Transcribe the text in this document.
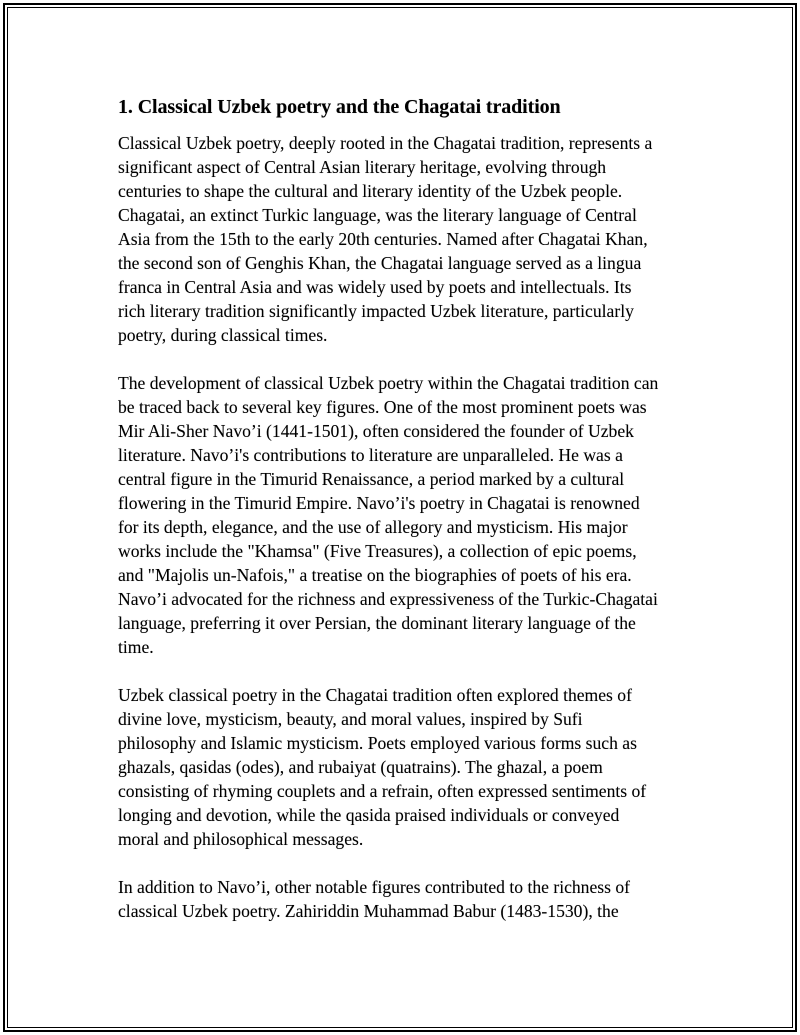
1. Classical Uzbek poetry and the Chagatai tradition

Classical Uzbek poetry, deeply rooted in the Chagatai tradition, represents a
significant aspect of Central Asian literary heritage, evolving through
centuries to shape the cultural and literary identity of the Uzbek people.
Chagatai, an extinct Turkic language, was the literary language of Central
Asia from the 15th to the early 20th centuries. Named after Chagatai Khan,
the second son of Genghis Khan, the Chagatai language served as a lingua
franca in Central Asia and was widely used by poets and intellectuals. Its
rich literary tradition significantly impacted Uzbek literature, particularly
poetry, during classical times.

The development of classical Uzbek poetry within the Chagatai tradition can
be traced back to several key figures. One of the most prominent poets was
Mir Ali-Sher Navo’i (1441-1501), often considered the founder of Uzbek
literature. Navo’i's contributions to literature are unparalleled. He was a
central figure in the Timurid Renaissance, a period marked by a cultural
flowering in the Timurid Empire. Navo’i's poetry in Chagatai is renowned
for its depth, elegance, and the use of allegory and mysticism. His major
works include the "Khamsa" (Five Treasures), a collection of epic poems,
and "Majolis un-Nafois," a treatise on the biographies of poets of his era.
Navo’i advocated for the richness and expressiveness of the Turkic-Chagatai
language, preferring it over Persian, the dominant literary language of the
time.

Uzbek classical poetry in the Chagatai tradition often explored themes of
divine love, mysticism, beauty, and moral values, inspired by Sufi
philosophy and Islamic mysticism. Poets employed various forms such as
ghazals, qasidas (odes), and rubaiyat (quatrains). The ghazal, a poem
consisting of rhyming couplets and a refrain, often expressed sentiments of
longing and devotion, while the qasida praised individuals or conveyed
moral and philosophical messages.

In addition to Navo’i, other notable figures contributed to the richness of
classical Uzbek poetry. Zahiriddin Muhammad Babur (1483-1530), the
